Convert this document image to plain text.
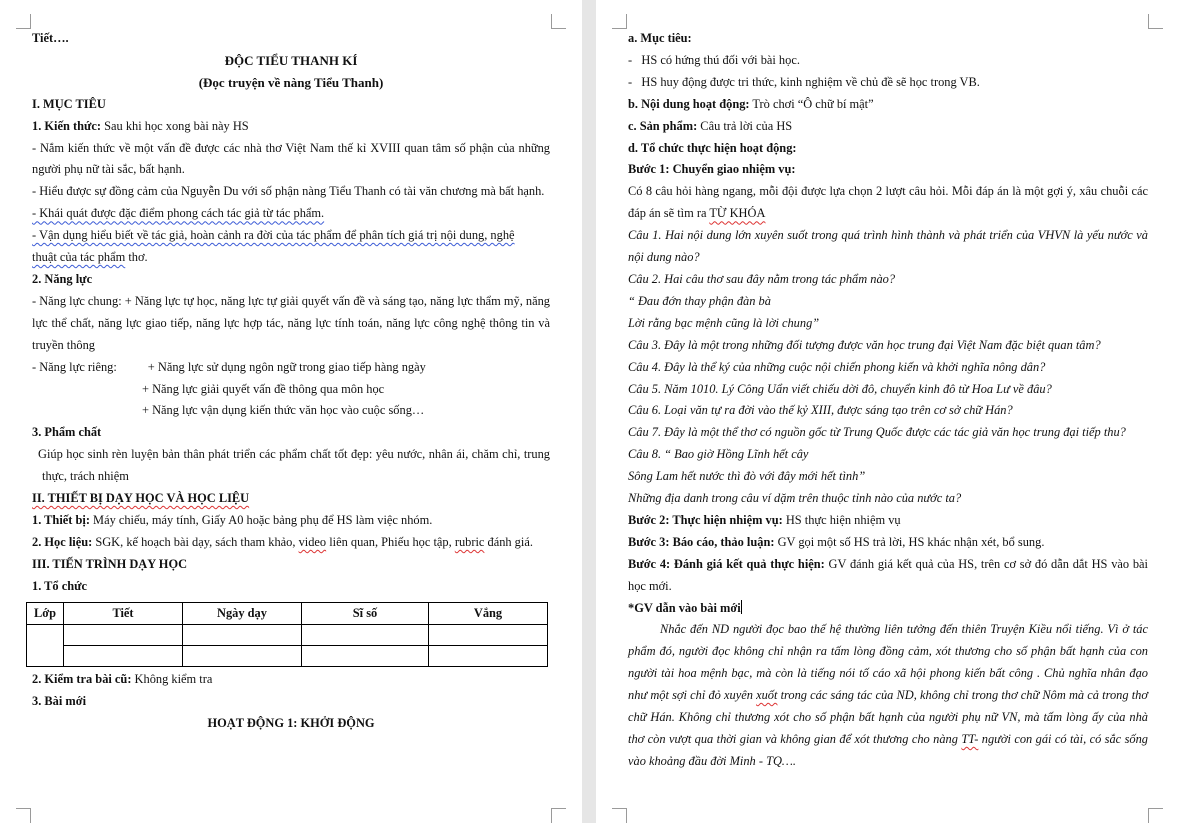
Tiết….

ĐỘC TIỂU THANH KÍ

(Đọc truyện về nàng Tiểu Thanh)

I. MỤC TIÊU

1. Kiến thức: Sau khi học xong bài này HS

- Nắm kiến thức về một vấn đề được các nhà thơ Việt Nam thế kỉ XVIII quan tâm số phận của những người phụ nữ tài sắc, bất hạnh.

- Hiểu được sự đồng cảm của Nguyễn Du với số phận nàng Tiểu Thanh có tài văn chương mà bất hạnh.

- Khái quát được đặc điểm phong cách tác giả từ tác phẩm.

- Vận dụng hiểu biết về tác giả, hoàn cảnh ra đời của tác phẩm để phân tích giá trị nội dung, nghệ
thuật của tác phẩm thơ.

2. Năng lực

- Năng lực chung: + Năng lực tự học, năng lực tự giải quyết vấn đề và sáng tạo, năng lực thẩm mỹ, năng lực thể chất, năng lực giao tiếp, năng lực hợp tác, năng lực tính toán, năng lực công nghệ thông tin và truyền thông

- Năng lực riêng:          + Năng lực sử dụng ngôn ngữ trong giao tiếp hàng ngày

+ Năng lực giải quyết vấn đề thông qua môn học

+ Năng lực vận dụng kiến thức văn học vào cuộc sống…

3. Phẩm chất

Giúp học sinh rèn luyện bản thân phát triển các phẩm chất tốt đẹp: yêu nước, nhân ái, chăm chỉ, trung thực, trách nhiệm

II. THIẾT BỊ DẠY HỌC VÀ HỌC LIỆU

1. Thiết bị: Máy chiếu, máy tính, Giấy A0 hoặc bảng phụ để HS làm việc nhóm.

2. Học liệu: SGK, kế hoạch bài dạy, sách tham khảo, video liên quan, Phiếu học tập, rubric đánh giá.

III. TIẾN TRÌNH DẠY HỌC

1. Tổ chức

Lớp	Tiết	Ngày dạy	Sĩ số	Vắng

2. Kiểm tra bài cũ: Không kiểm tra

3. Bài mới

HOẠT ĐỘNG 1: KHỞI ĐỘNG

a. Mục tiêu:

-   HS có hứng thú đối với bài học.

-   HS huy động được tri thức, kinh nghiệm về chủ đề sẽ học trong VB.

b. Nội dung hoạt động: Trò chơi “Ô chữ bí mật”

c. Sản phẩm: Câu trả lời của HS

d. Tổ chức thực hiện hoạt động:

Bước 1: Chuyển giao nhiệm vụ:

Có 8 câu hỏi hàng ngang, mỗi đội được lựa chọn 2 lượt câu hỏi. Mỗi đáp án là một gợi ý, xâu chuỗi các đáp án sẽ tìm ra TỪ KHÓA

Câu 1. Hai nội dung lớn xuyên suốt trong quá trình hình thành và phát triển của VHVN là yếu nước và nội dung nào?

Câu 2. Hai câu thơ sau đây nằm trong tác phẩm nào?

“ Đau đớn thay phận đàn bà

Lời rằng bạc mệnh cũng là lời chung”

Câu 3. Đây là một trong những đối tượng được văn học trung đại Việt Nam đặc biệt quan tâm?

Câu 4. Đây là thể ký của những cuộc nội chiến phong kiến và khởi nghĩa nông dân?

Câu 5. Năm 1010. Lý Công Uẩn viết chiếu dời đô, chuyển kinh đô từ Hoa Lư về đâu?

Câu 6. Loại văn tự ra đời vào thế kỷ XIII, được sáng tạo trên cơ sở chữ Hán?

Câu 7. Đây là một thể thơ có nguồn gốc từ Trung Quốc được các tác giả văn học trung đại tiếp thu?

Câu 8. “ Bao giờ Hồng Lĩnh hết cây

Sông Lam hết nước thì đò với đây mới hết tình”

Những địa danh trong câu ví dặm trên thuộc tỉnh nào của nước ta?

Bước 2: Thực hiện nhiệm vụ: HS thực hiện nhiệm vụ

Bước 3: Báo cáo, thảo luận: GV gọi một số HS trả lời, HS khác nhận xét, bổ sung.

Bước 4: Đánh giá kết quả thực hiện: GV đánh giá kết quả của HS, trên cơ sở đó dẫn dắt HS vào bài học mới.

*GV dẫn vào bài mới

Nhắc đến ND người đọc bao thế hệ thường liên tưởng đến thiên Truyện Kiều nổi tiếng. Vì ở tác phẩm đó, người đọc không chỉ nhận ra tấm lòng đồng cảm, xót thương cho số phận bất hạnh của con người tài hoa mệnh bạc, mà còn là tiếng nói tố cáo xã hội phong kiến bất công . Chủ nghĩa nhân đạo như một sợi chỉ đỏ xuyên xuốt trong các sáng tác của ND, không chỉ trong thơ chữ Nôm mà cả trong thơ chữ Hán. Không chỉ thương xót cho số phận bất hạnh của người phụ nữ VN, mà tấm lòng ấy của nhà thơ còn vượt qua thời gian và không gian để xót thương cho nàng TT- người con gái có tài, có sắc sống vào khoảng đầu đời Minh - TQ….
